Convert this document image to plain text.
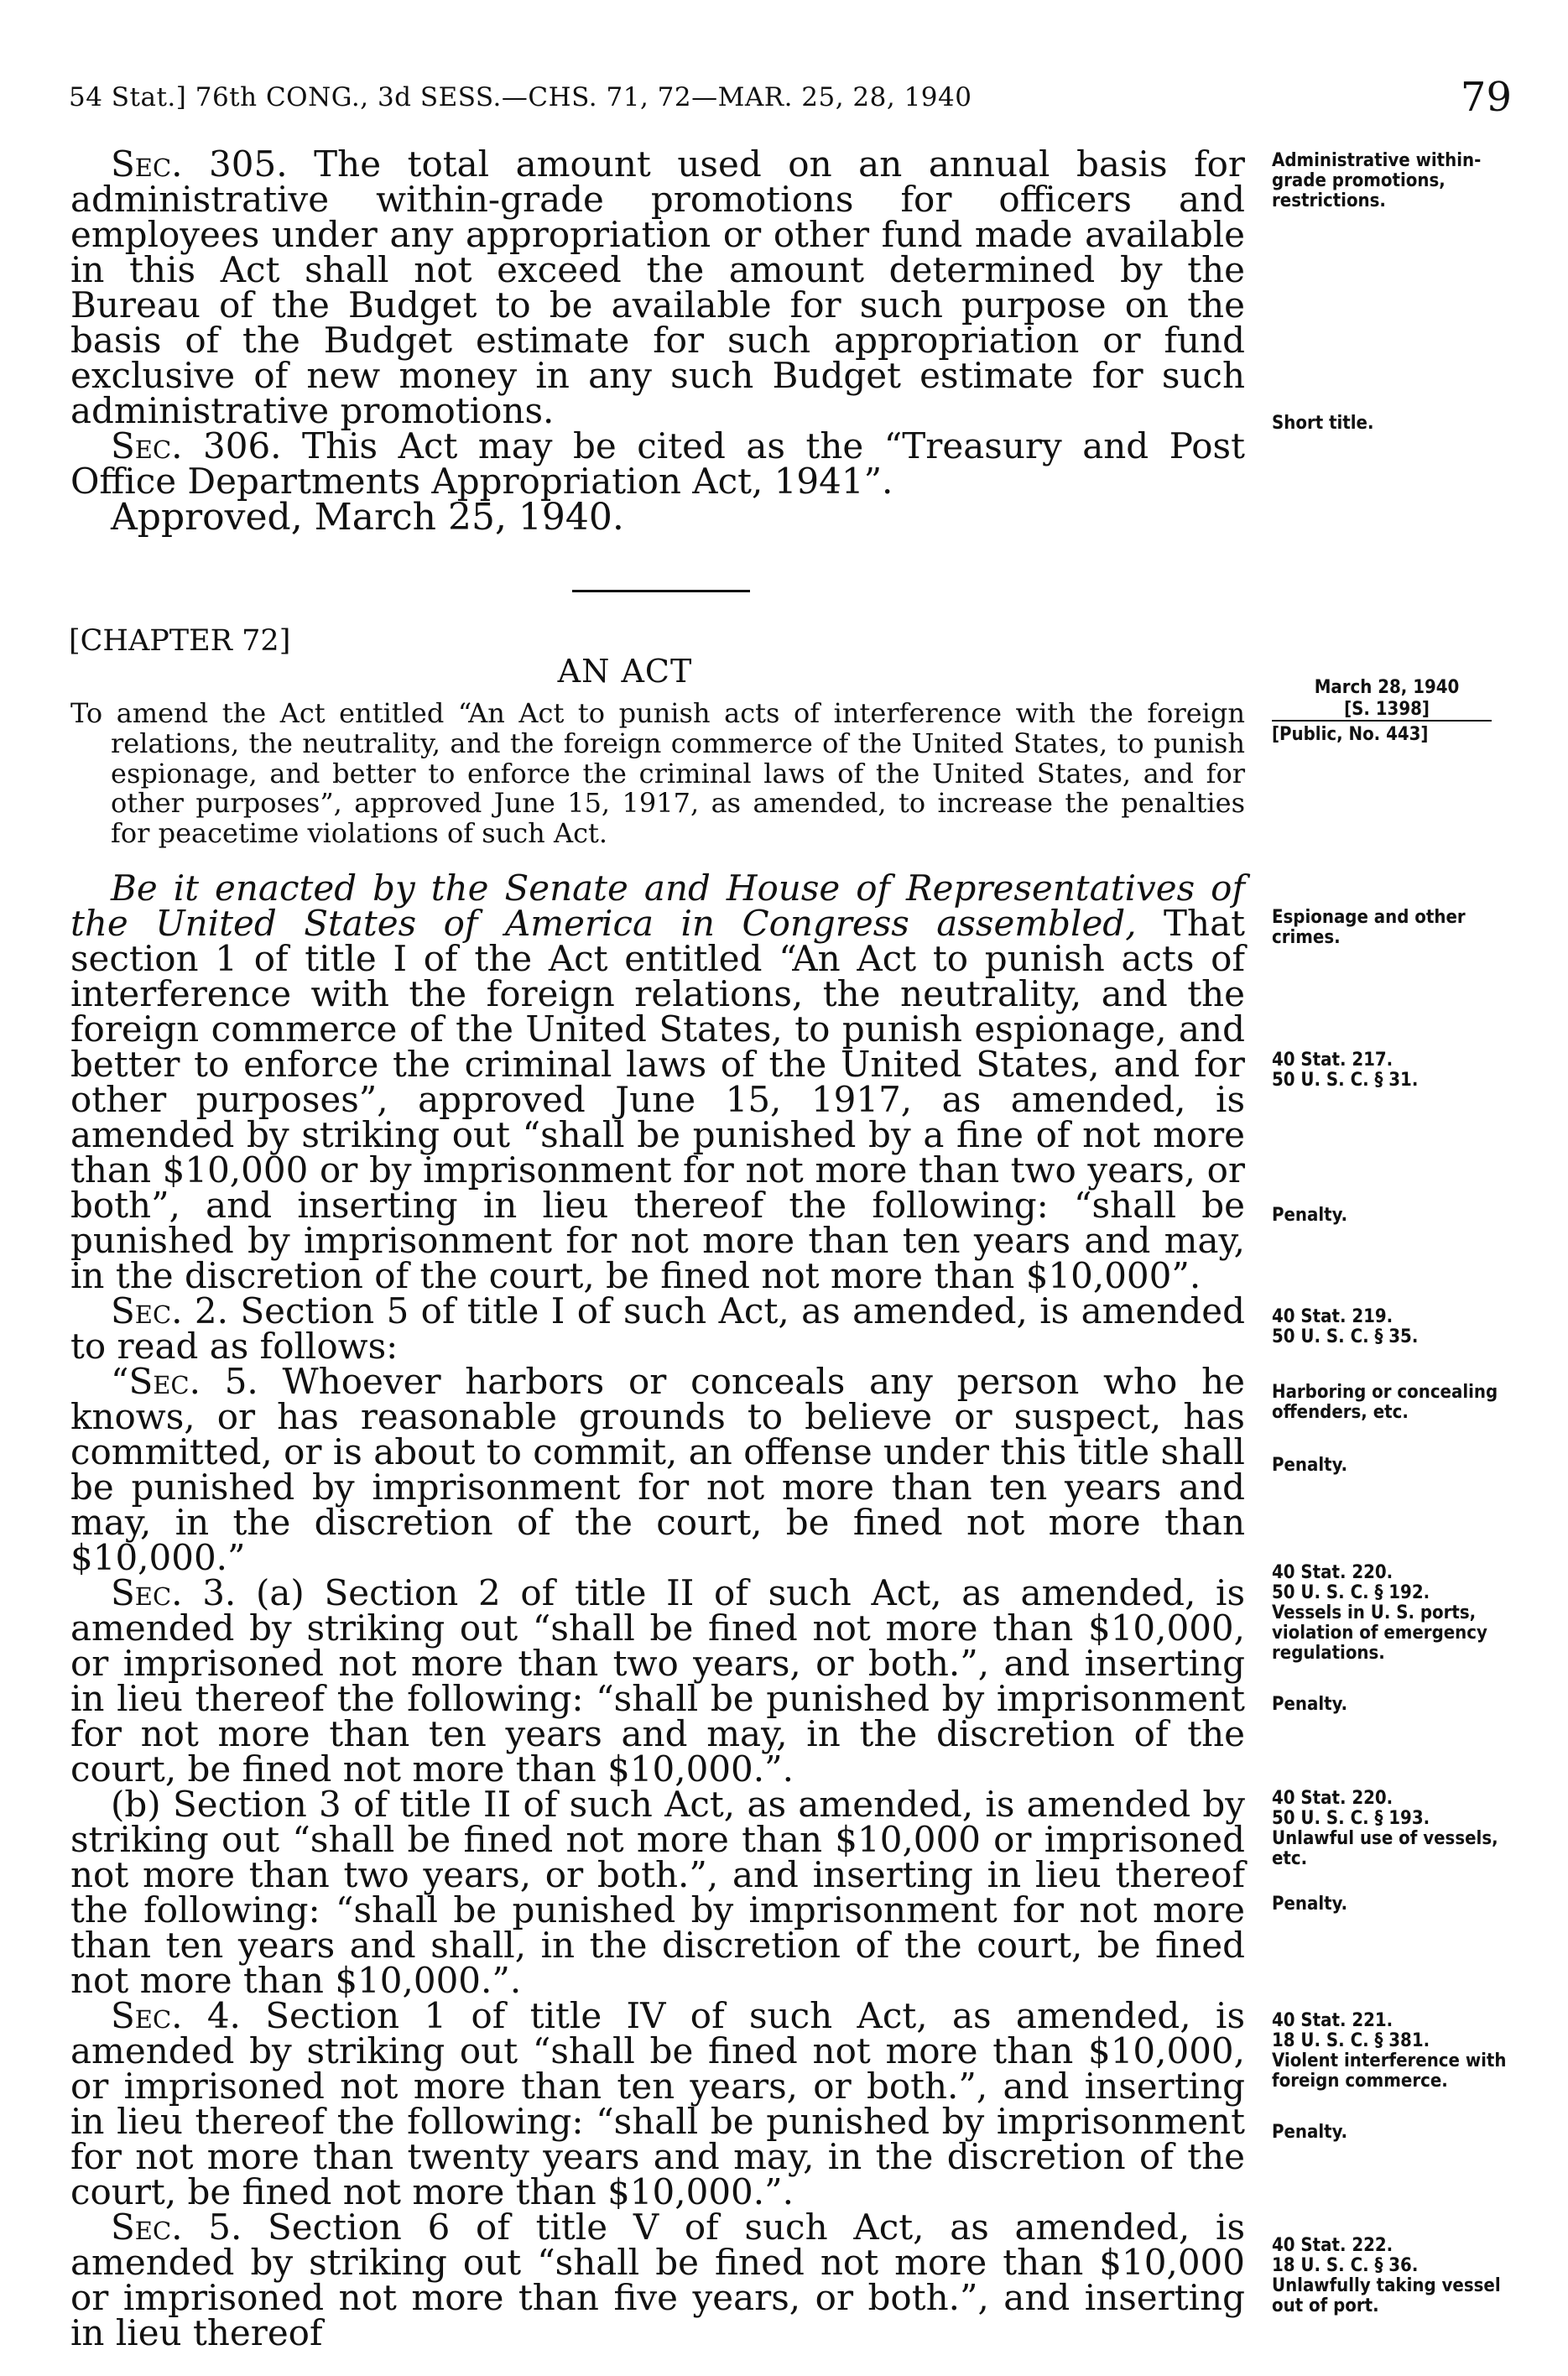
54 Stat.] 76th CONG., 3d SESS.—CHS. 71, 72—MAR. 25, 28, 1940	79

Sec. 305. The total amount used on an annual basis for administrative within-grade promotions for officers and employees under any appropriation or other fund made available in this Act shall not exceed the amount determined by the Bureau of the Budget to be available for such purpose on the basis of the Budget estimate for such appropriation or fund exclusive of new money in any such Budget estimate for such administrative promotions.

Sec. 306. This Act may be cited as the “Treasury and Post Office Departments Appropriation Act, 1941”.

Approved, March 25, 1940.

[CHAPTER 72]
AN ACT

To amend the Act entitled “An Act to punish acts of interference with the foreign relations, the neutrality, and the foreign commerce of the United States, to punish espionage, and better to enforce the criminal laws of the United States, and for other purposes”, approved June 15, 1917, as amended, to increase the penalties for peacetime violations of such Act.

Be it enacted by the Senate and House of Representatives of the United States of America in Congress assembled, That section 1 of title I of the Act entitled “An Act to punish acts of interference with the foreign relations, the neutrality, and the foreign commerce of the United States, to punish espionage, and better to enforce the criminal laws of the United States, and for other purposes”, approved June 15, 1917, as amended, is amended by striking out “shall be punished by a fine of not more than $10,000 or by imprisonment for not more than two years, or both”, and inserting in lieu thereof the following: “shall be punished by imprisonment for not more than ten years and may, in the discretion of the court, be fined not more than $10,000”.

Sec. 2. Section 5 of title I of such Act, as amended, is amended to read as follows:

“Sec. 5. Whoever harbors or conceals any person who he knows, or has reasonable grounds to believe or suspect, has committed, or is about to commit, an offense under this title shall be punished by imprisonment for not more than ten years and may, in the discretion of the court, be fined not more than $10,000.”

Sec. 3. (a) Section 2 of title II of such Act, as amended, is amended by striking out “shall be fined not more than $10,000, or imprisoned not more than two years, or both.”, and inserting in lieu thereof the following: “shall be punished by imprisonment for not more than ten years and may, in the discretion of the court, be fined not more than $10,000.”.

(b) Section 3 of title II of such Act, as amended, is amended by striking out “shall be fined not more than $10,000 or imprisoned not more than two years, or both.”, and inserting in lieu thereof the following: “shall be punished by imprisonment for not more than ten years and shall, in the discretion of the court, be fined not more than $10,000.”.

Sec. 4. Section 1 of title IV of such Act, as amended, is amended by striking out “shall be fined not more than $10,000, or imprisoned not more than ten years, or both.”, and inserting in lieu thereof the following: “shall be punished by imprisonment for not more than twenty years and may, in the discretion of the court, be fined not more than $10,000.”.

Sec. 5. Section 6 of title V of such Act, as amended, is amended by striking out “shall be fined not more than $10,000 or imprisoned not more than five years, or both.”, and inserting in lieu thereof

Administrative within-grade promotions, restrictions.
Short title.
March 28, 1940
[S. 1398]
[Public, No. 443]
Espionage and other crimes.
40 Stat. 217.
50 U. S. C. § 31.
Penalty.
40 Stat. 219.
50 U. S. C. § 35.
Harboring or concealing offenders, etc.
Penalty.
40 Stat. 220.
50 U. S. C. § 192.
Vessels in U. S. ports, violation of emergency regulations.
Penalty.
40 Stat. 220.
50 U. S. C. § 193.
Unlawful use of vessels, etc.
Penalty.
40 Stat. 221.
18 U. S. C. § 381.
Violent interference with foreign commerce.
Penalty.
40 Stat. 222.
18 U. S. C. § 36.
Unlawfully taking vessel out of port.
